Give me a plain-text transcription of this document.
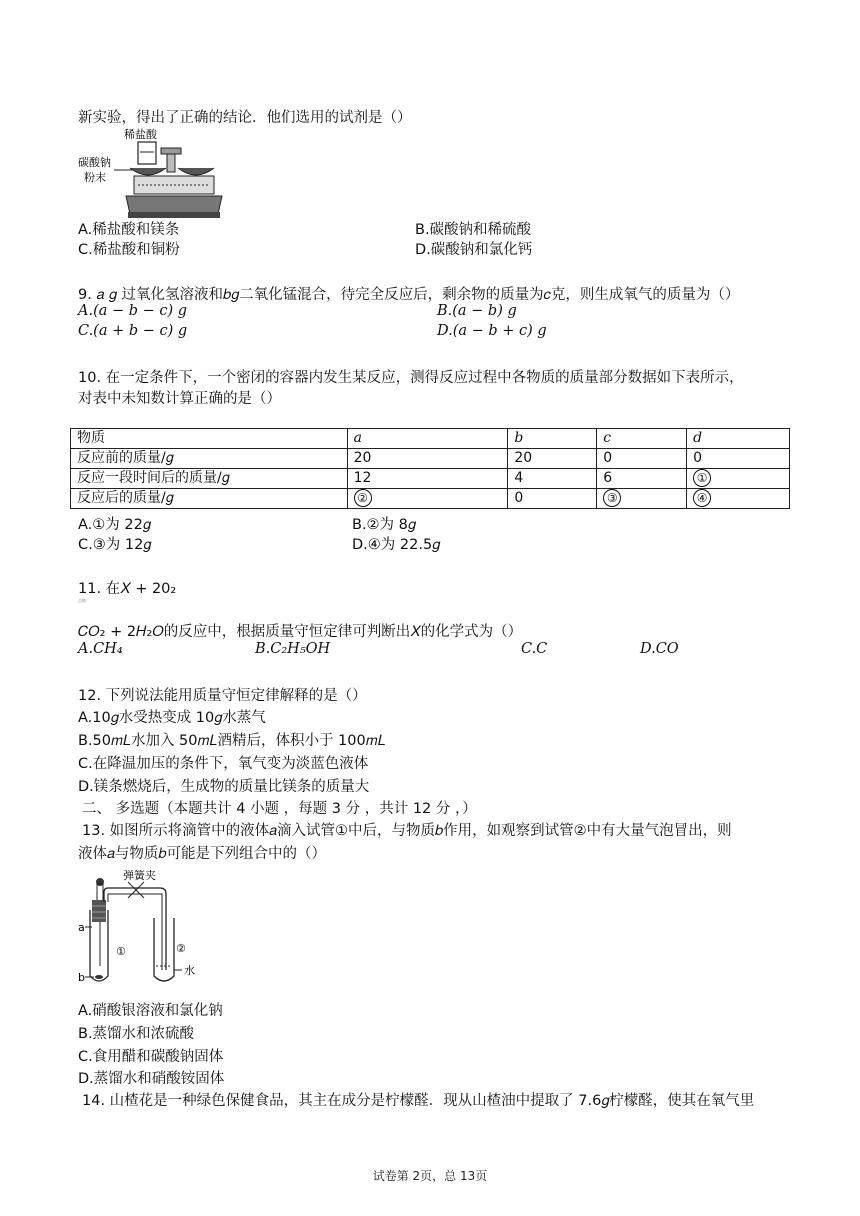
新实验，得出了正确的结论．他们选用的试剂是（）
稀盐酸
碳酸钠
粉末
A.稀盐酸和镁条	B.碳酸钠和稀硫酸
C.稀盐酸和铜粉	D.碳酸钠和氯化钙
9. 𝑎 𝑔 过氧化氢溶液和𝑏𝑔二氧化锰混合，待完全反应后，剩余物的质量为𝑐克，则生成氧气的质量为（）
A.(𝑎 − 𝑏 − 𝑐) 𝑔	B.(𝑎 − 𝑏) 𝑔
C.(𝑎 + 𝑏 − 𝑐) 𝑔	D.(𝑎 − 𝑏 + 𝑐) 𝑔
10. 在一定条件下，一个密闭的容器内发生某反应，测得反应过程中各物质的质量部分数据如下表所示，
对表中未知数计算正确的是（）
物质	𝑎	𝑏	𝑐	𝑑
反应前的质量/𝑔	20	20	0	0
反应一段时间后的质量/𝑔	12	4	6	①
反应后的质量/𝑔	②	0	③	④
A.①为 22𝑔	B.②为 8𝑔
C.③为 12𝑔	D.④为 22.5𝑔
11. 在𝑋 + 20₂
点燃
𝐶𝑂₂ + 2𝐻₂𝑂的反应中，根据质量守恒定律可判断出𝑋的化学式为（）
A.𝐶𝐻₄	B.𝐶₂𝐻₅𝑂𝐻	C.𝐶	D.𝐶𝑂
12. 下列说法能用质量守恒定律解释的是（）
A.10𝑔水受热变成 10𝑔水蒸气
B.50𝑚𝐿水加入 50𝑚𝐿酒精后，体积小于 100𝑚𝐿
C.在降温加压的条件下，氧气变为淡蓝色液体
D.镁条燃烧后，生成物的质量比镁条的质量大
二、 多选题（本题共计 4 小题 ，每题 3 分 ，共计 12 分 ，）
13. 如图所示将滴管中的液体𝑎滴入试管①中后，与物质𝑏作用，如观察到试管②中有大量气泡冒出，则
液体𝑎与物质𝑏可能是下列组合中的（）
弹簧夹
水
①	②
a
b
A.硝酸银溶液和氯化钠
B.蒸馏水和浓硫酸
C.食用醋和碳酸钠固体
D.蒸馏水和硝酸铵固体
14. 山楂花是一种绿色保健食品，其主在成分是柠檬醛．现从山楂油中提取了 7.6𝑔柠檬醛，使其在氧气里
试卷第 2页，总 13页
